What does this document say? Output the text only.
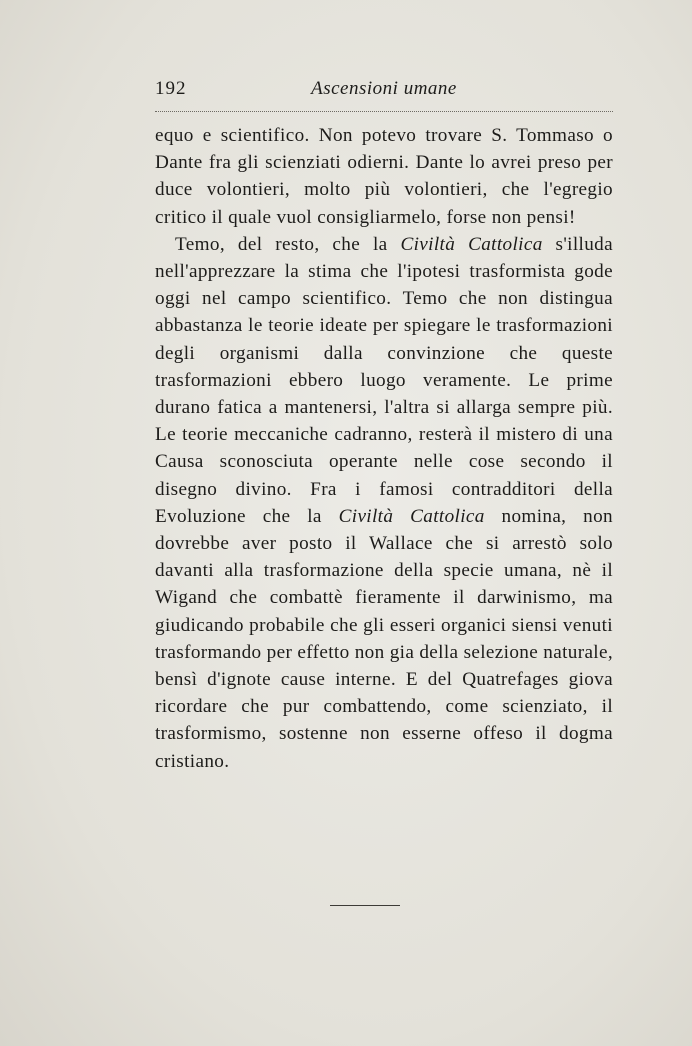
192	Ascensioni umane

equo e scientifico. Non potevo trovare S. Tommaso o Dante fra gli scienziati odierni. Dante lo avrei preso per duce volontieri, molto più volontieri, che l'egregio critico il quale vuol consigliarmelo, forse non pensi!

Temo, del resto, che la Civiltà Cattolica s'illuda nell'apprezzare la stima che l'ipotesi trasformista gode oggi nel campo scientifico. Temo che non distingua abbastanza le teorie ideate per spiegare le trasformazioni degli organismi dalla convinzione che queste trasformazioni ebbero luogo veramente. Le prime durano fatica a mantenersi, l'altra si allarga sempre più. Le teorie meccaniche cadranno, resterà il mistero di una Causa sconosciuta operante nelle cose secondo il disegno divino. Fra i famosi contradditori della Evoluzione che la Civiltà Cattolica nomina, non dovrebbe aver posto il Wallace che si arrestò solo davanti alla trasformazione della specie umana, nè il Wigand che combattè fieramente il darwinismo, ma giudicando probabile che gli esseri organici siensi venuti trasformando per effetto non gia della selezione naturale, bensì d'ignote cause interne. E del Quatrefages giova ricordare che pur combattendo, come scienziato, il trasformismo, sostenne non esserne offeso il dogma cristiano.
